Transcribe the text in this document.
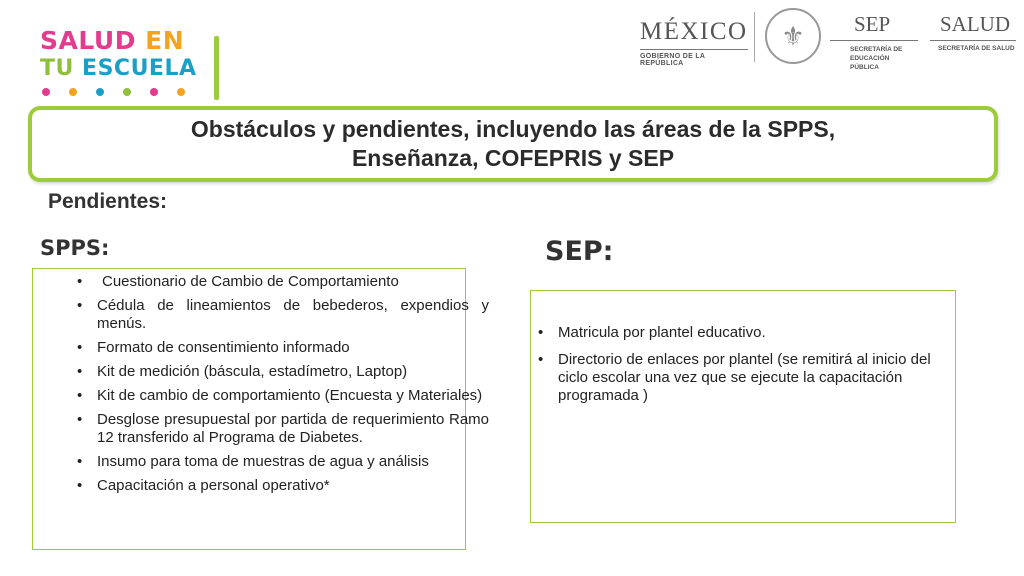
SALUD EN
TU ESCUELA
MÉXICO
GOBIERNO DE LA REPÚBLICA
⚜	SEP
SECRETARÍA DE
EDUCACIÓN PÚBLICA
SALUD
SECRETARÍA DE SALUD
Obstáculos y pendientes, incluyendo las áreas de la SPPS,
Enseñanza, COFEPRIS y SEP
Pendientes:
SPPS:	SEP:
• Cuestionario de Cambio de Comportamiento
• Cédula de lineamientos de bebederos, expendios y menús.
• Formato de consentimiento informado
• Kit de medición (báscula, estadímetro, Laptop)
• Kit de cambio de comportamiento (Encuesta y Materiales)
• Desglose presupuestal por partida de requerimiento Ramo 12 transferido al Programa de Diabetes.
• Insumo para toma de muestras de agua y análisis
• Capacitación a personal operativo*
• Matricula por plantel educativo.
• Directorio de enlaces por plantel (se remitirá al inicio del ciclo escolar una vez que se ejecute la capacitación programada )
